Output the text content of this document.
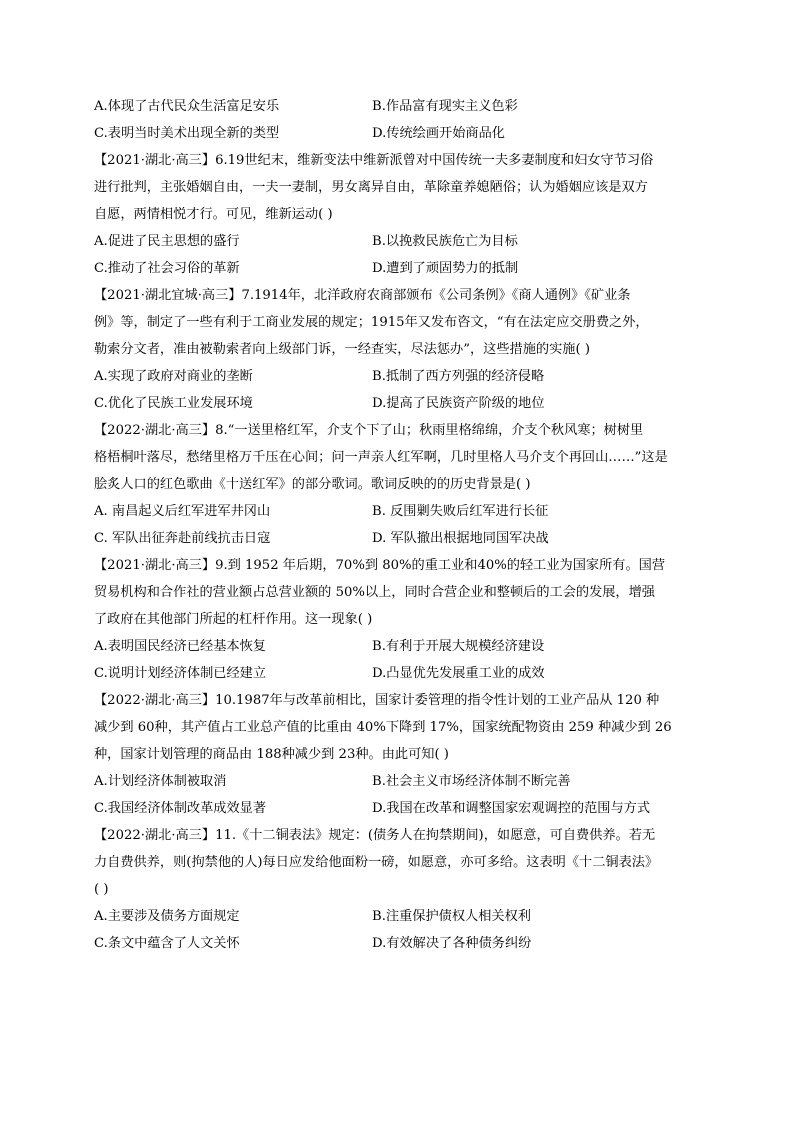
A.体现了古代民众生活富足安乐	B.作品富有现实主义色彩
C.表明当时美术出现全新的类型	D.传统绘画开始商品化
【2021·湖北·高三】6.19世纪末，维新变法中维新派曾对中国传统一夫多妻制度和妇女守节习俗
进行批判，主张婚姻自由，一夫一妻制，男女离异自由，革除童养媳陋俗；认为婚姻应该是双方
自愿，两情相悦才行。可见，维新运动( )
A.促进了民主思想的盛行	B.以挽救民族危亡为目标
C.推动了社会习俗的革新	D.遭到了顽固势力的抵制
【2021·湖北宜城·高三】7.1914年，北洋政府农商部颁布《公司条例》《商人通例》《矿业条
例》等，制定了一些有利于工商业发展的规定；1915年又发布咨文，“有在法定应交册费之外，
勒索分文者，准由被勒索者向上级部门诉，一经查实，尽法惩办”，这些措施的实施( )
A.实现了政府对商业的垄断	B.抵制了西方列强的经济侵略
C.优化了民族工业发展环境	D.提高了民族资产阶级的地位
【2022·湖北·高三】8.“一送里格红军，介支个下了山；秋雨里格绵绵，介支个秋风寒；树树里
格梧桐叶落尽，愁绪里格万千压在心间；问一声亲人红军啊，几时里格人马介支个再回山……”这是
脍炙人口的红色歌曲《十送红军》的部分歌词。歌词反映的的历史背景是( )
A. 南昌起义后红军进军井冈山	B. 反围剿失败后红军进行长征
C. 军队出征奔赴前线抗击日寇	D. 军队撤出根据地同国军决战
【2021·湖北·高三】9.到 1952 年后期，70%到 80%的重工业和40%的轻工业为国家所有。国营
贸易机构和合作社的营业额占总营业额的 50%以上，同时合营企业和整顿后的工会的发展，增强
了政府在其他部门所起的杠杆作用。这一现象( )
A.表明国民经济已经基本恢复	B.有利于开展大规模经济建设
C.说明计划经济体制已经建立	D.凸显优先发展重工业的成效
【2022·湖北·高三】10.1987年与改革前相比，国家计委管理的指令性计划的工业产品从 120 种
减少到 60种，其产值占工业总产值的比重由 40%下降到 17%，国家统配物资由 259 种减少到 26
种，国家计划管理的商品由 188种减少到 23种。由此可知( )
A.计划经济体制被取消	B.社会主义市场经济体制不断完善
C.我国经济体制改革成效显著	D.我国在改革和调整国家宏观调控的范围与方式
【2022·湖北·高三】11.《十二铜表法》规定：(债务人在拘禁期间)，如愿意，可自费供养。若无
力自费供养，则(拘禁他的人)每日应发给他面粉一磅，如愿意，亦可多给。这表明《十二铜表法》
( )
A.主要涉及债务方面规定	B.注重保护债权人相关权利
C.条文中蕴含了人文关怀	D.有效解决了各种债务纠纷
